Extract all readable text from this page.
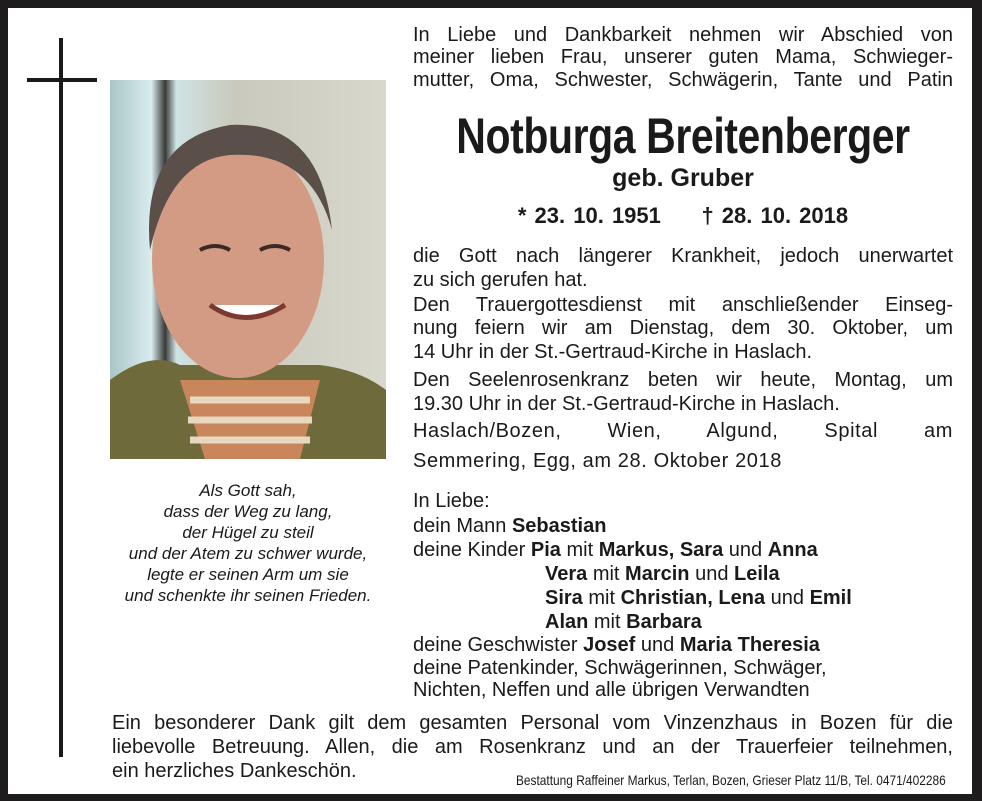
In Liebe und Dankbarkeit nehmen wir Abschied von
meiner lieben Frau, unserer guten Mama, Schwieger-
mutter, Oma, Schwester, Schwägerin, Tante und Patin
Notburga Breitenberger
geb. Gruber
* 23. 10. 1951     † 28. 10. 2018
die Gott nach längerer Krankheit, jedoch unerwartet
zu sich gerufen hat.
Den Trauergottesdienst mit anschließender Einseg-
nung feiern wir am Dienstag, dem 30. Oktober, um
14 Uhr in der St.-Gertraud-Kirche in Haslach.
Den Seelenrosenkranz beten wir heute, Montag, um
19.30 Uhr in der St.-Gertraud-Kirche in Haslach.
Haslach/Bozen, Wien, Algund, Spital am
Semmering, Egg, am 28. Oktober 2018
Als Gott sah,
dass der Weg zu lang,
der Hügel zu steil
und der Atem zu schwer wurde,
legte er seinen Arm um sie
und schenkte ihr seinen Frieden.
In Liebe:
dein Mann Sebastian
deine Kinder Pia mit Markus, Sara und Anna
Vera mit Marcin und Leila
Sira mit Christian, Lena und Emil
Alan mit Barbara
deine Geschwister Josef und Maria Theresia
deine Patenkinder, Schwägerinnen, Schwäger,
Nichten, Neffen und alle übrigen Verwandten
Ein besonderer Dank gilt dem gesamten Personal vom Vinzenzhaus in Bozen für die
liebevolle Betreuung. Allen, die am Rosenkranz und an der Trauerfeier teilnehmen,
ein herzliches Dankeschön.	Bestattung Raffeiner Markus, Terlan, Bozen, Grieser Platz 11/B, Tel. 0471/402286
